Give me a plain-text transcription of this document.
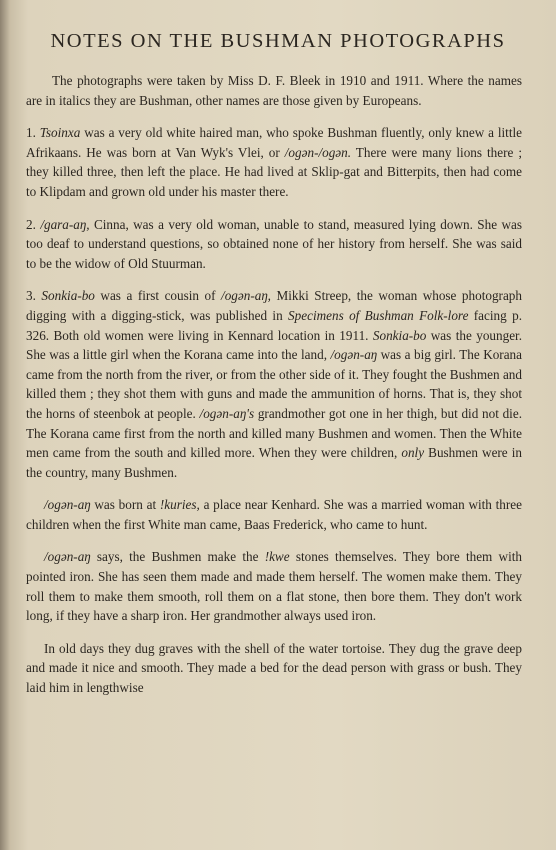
NOTES ON THE BUSHMAN PHOTOGRAPHS

The photographs were taken by Miss D. F. Bleek in 1910 and 1911. Where the names are in italics they are Bushman, other names are those given by Europeans.

1. Tsoinxa was a very old white haired man, who spoke Bushman fluently, only knew a little Afrikaans. He was born at Van Wyk's Vlei, or /ogən-/ogən. There were many lions there ; they killed three, then left the place. He had lived at Sklip-gat and Bitterpits, then had come to Klipdam and grown old under his master there.

2. /gara-aŋ, Cinna, was a very old woman, unable to stand, measured lying down. She was too deaf to understand questions, so obtained none of her history from herself. She was said to be the widow of Old Stuurman.

3. Sonkia-bo was a first cousin of /ogən-aŋ, Mikki Streep, the woman whose photograph digging with a digging-stick, was published in Specimens of Bushman Folk-lore facing p. 326. Both old women were living in Kennard location in 1911. Sonkia-bo was the younger. She was a little girl when the Korana came into the land, /ogən-aŋ was a big girl. The Korana came from the north from the river, or from the other side of it. They fought the Bushmen and killed them ; they shot them with guns and made the ammunition of horns. That is, they shot the horns of steenbok at people. /ogən-aŋ's grandmother got one in her thigh, but did not die. The Korana came first from the north and killed many Bushmen and women. Then the White men came from the south and killed more. When they were children, only Bushmen were in the country, many Bushmen.

/ogən-aŋ was born at !kuries, a place near Kenhard. She was a married woman with three children when the first White man came, Baas Frederick, who came to hunt.

/ogən-aŋ says, the Bushmen make the !kwe stones themselves. They bore them with pointed iron. She has seen them made and made them herself. The women make them. They roll them to make them smooth, roll them on a flat stone, then bore them. They don't work long, if they have a sharp iron. Her grandmother always used iron.

In old days they dug graves with the shell of the water tortoise. They dug the grave deep and made it nice and smooth. They made a bed for the dead person with grass or bush. They laid him in lengthwise
